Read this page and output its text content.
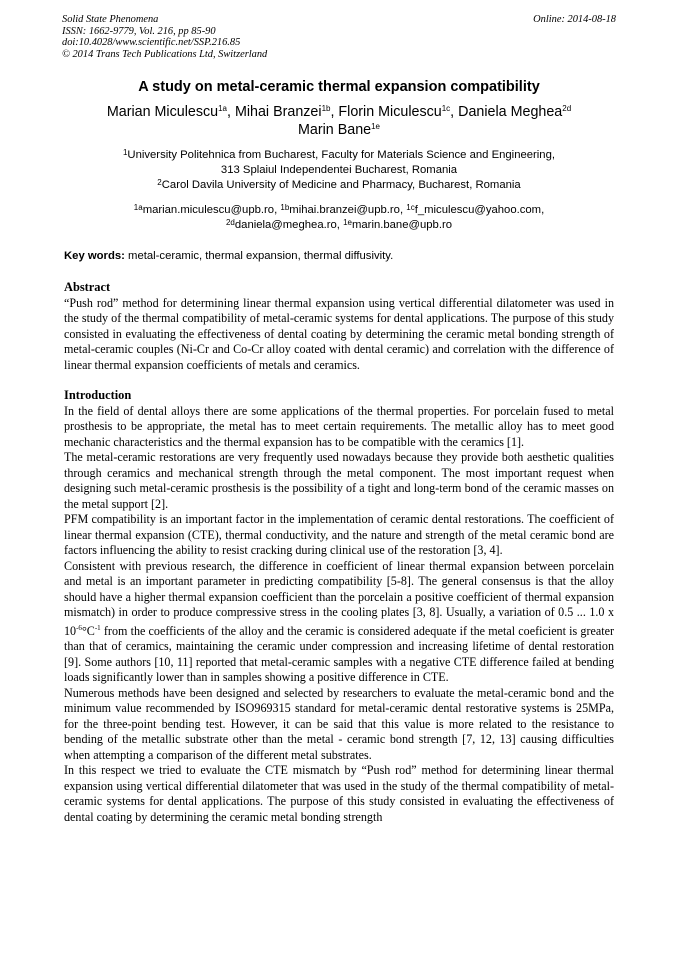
Solid State Phenomena
ISSN: 1662-9779, Vol. 216, pp 85-90
doi:10.4028/www.scientific.net/SSP.216.85
© 2014 Trans Tech Publications Ltd, Switzerland
Online: 2014-08-18
A study on metal-ceramic thermal expansion compatibility
Marian Miculescu$^{1a}$, Mihai Branzei$^{1b}$, Florin Miculescu$^{1c}$, Daniela Meghea$^{2d}$
Marin Bane$^{1e}$
$^1$University Politehnica from Bucharest, Faculty for Materials Science and Engineering,
313 Splaiul Independentei Bucharest, Romania
$^2$Carol Davila University of Medicine and Pharmacy, Bucharest, Romania
$^{1a}$marian.miculescu@upb.ro, $^{1b}$mihai.branzei@upb.ro, $^{1c}$f_miculescu@yahoo.com,
$^{2d}$daniela@meghea.ro, $^{1e}$marin.bane@upb.ro
Key words: metal-ceramic, thermal expansion, thermal diffusivity.
Abstract

“Push rod” method for determining linear thermal expansion using vertical differential dilatometer was used in the study of the thermal compatibility of metal-ceramic systems for dental applications. The purpose of this study consisted in evaluating the effectiveness of dental coating by determining the ceramic metal bonding strength of metal-ceramic couples (Ni-Cr and Co-Cr alloy coated with dental ceramic) and correlation with the difference of linear thermal expansion coefficients of metals and ceramics.

Introduction

In the field of dental alloys there are some applications of the thermal properties. For porcelain fused to metal prosthesis to be appropriate, the metal has to meet certain requirements. The metallic alloy has to meet good mechanic characteristics and the thermal expansion has to be compatible with the ceramics [1].

The metal-ceramic restorations are very frequently used nowadays because they provide both aesthetic qualities through ceramics and mechanical strength through the metal component. The most important request when designing such metal-ceramic prosthesis is the possibility of a tight and long-term bond of the ceramic masses on the metal support [2].

PFM compatibility is an important factor in the implementation of ceramic dental restorations. The coefficient of linear thermal expansion (CTE), thermal conductivity, and the nature and strength of the metal ceramic bond are factors influencing the ability to resist cracking during clinical use of the restoration [3, 4].

Consistent with previous research, the difference in coefficient of linear thermal expansion between porcelain and metal is an important parameter in predicting compatibility [5-8]. The general consensus is that the alloy should have a higher thermal expansion coefficient than the porcelain a positive coefficient of thermal expansion mismatch) in order to produce compressive stress in the cooling plates [3, 8]. Usually, a variation of 0.5 ... 1.0 x $10^{-6}^\circ C^{-1}$ from the coefficients of the alloy and the ceramic is considered adequate if the metal coeficient is greater than that of ceramics, maintaining the ceramic under compression and increasing lifetime of dental restoration [9]. Some authors [10, 11] reported that metal-ceramic samples with a negative CTE difference failed at bending loads significantly lower than in samples showing a positive difference in CTE.

Numerous methods have been designed and selected by researchers to evaluate the metal-ceramic bond and the minimum value recommended by ISO969315 standard for metal-ceramic dental restorative systems is 25MPa, for the three-point bending test. However, it can be said that this value is more related to the resistance to bending of the metallic substrate other than the metal - ceramic bond strength [7, 12, 13] causing difficulties when attempting a comparison of the different metal substrates.

In this respect we tried to evaluate the CTE mismatch by “Push rod” method for determining linear thermal expansion using vertical differential dilatometer that was used in the study of the thermal compatibility of metal-ceramic systems for dental applications. The purpose of this study consisted in evaluating the effectiveness of dental coating by determining the ceramic metal bonding strength
